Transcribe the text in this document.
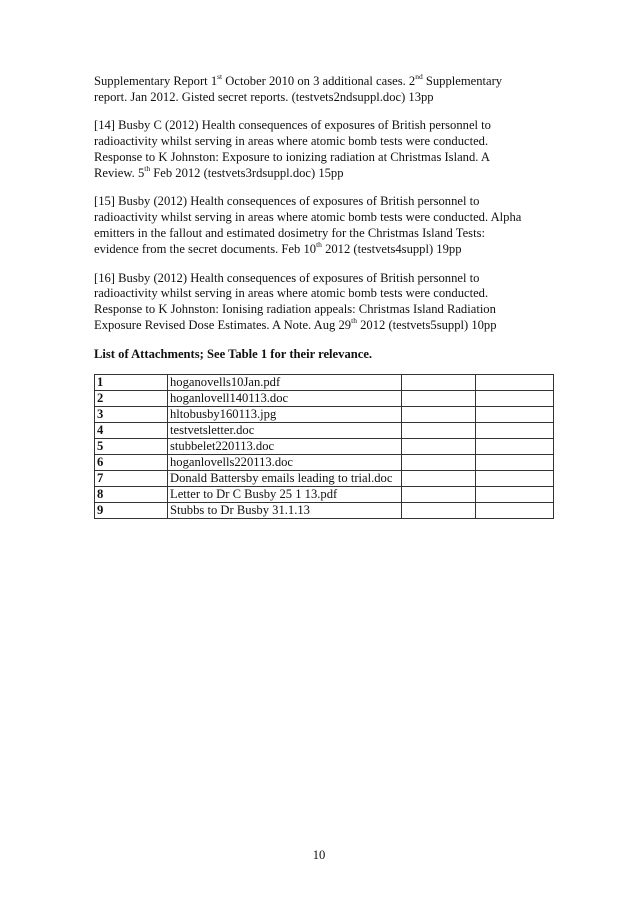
Supplementary Report 1st October 2010 on 3 additional cases. 2nd Supplementary
report. Jan 2012. Gisted secret reports. (testvets2ndsuppl.doc) 13pp
[14] Busby C (2012) Health consequences of exposures of British personnel to
radioactivity whilst serving in areas where atomic bomb tests were conducted.
Response to K Johnston: Exposure to ionizing radiation at Christmas Island. A
Review. 5th Feb 2012 (testvets3rdsuppl.doc) 15pp
[15] Busby (2012) Health consequences of exposures of British personnel to
radioactivity whilst serving in areas where atomic bomb tests were conducted. Alpha
emitters in the fallout and estimated dosimetry for the Christmas Island Tests:
evidence from the secret documents. Feb 10th 2012 (testvets4suppl) 19pp
[16] Busby (2012) Health consequences of exposures of British personnel to
radioactivity whilst serving in areas where atomic bomb tests were conducted.
Response to K Johnston: Ionising radiation appeals: Christmas Island Radiation
Exposure Revised Dose Estimates. A Note. Aug 29th 2012 (testvets5suppl) 10pp
List of Attachments; See Table 1 for their relevance.
1	hoganovells10Jan.pdf		
2	hoganlovell140113.doc		
3	hltobusby160113.jpg		
4	testvetsletter.doc		
5	stubbelet220113.doc		
6	hoganlovells220113.doc		
7	Donald Battersby emails leading to trial.doc		
8	Letter to Dr C Busby 25 1 13.pdf		
9	Stubbs to Dr Busby 31.1.13		
10
